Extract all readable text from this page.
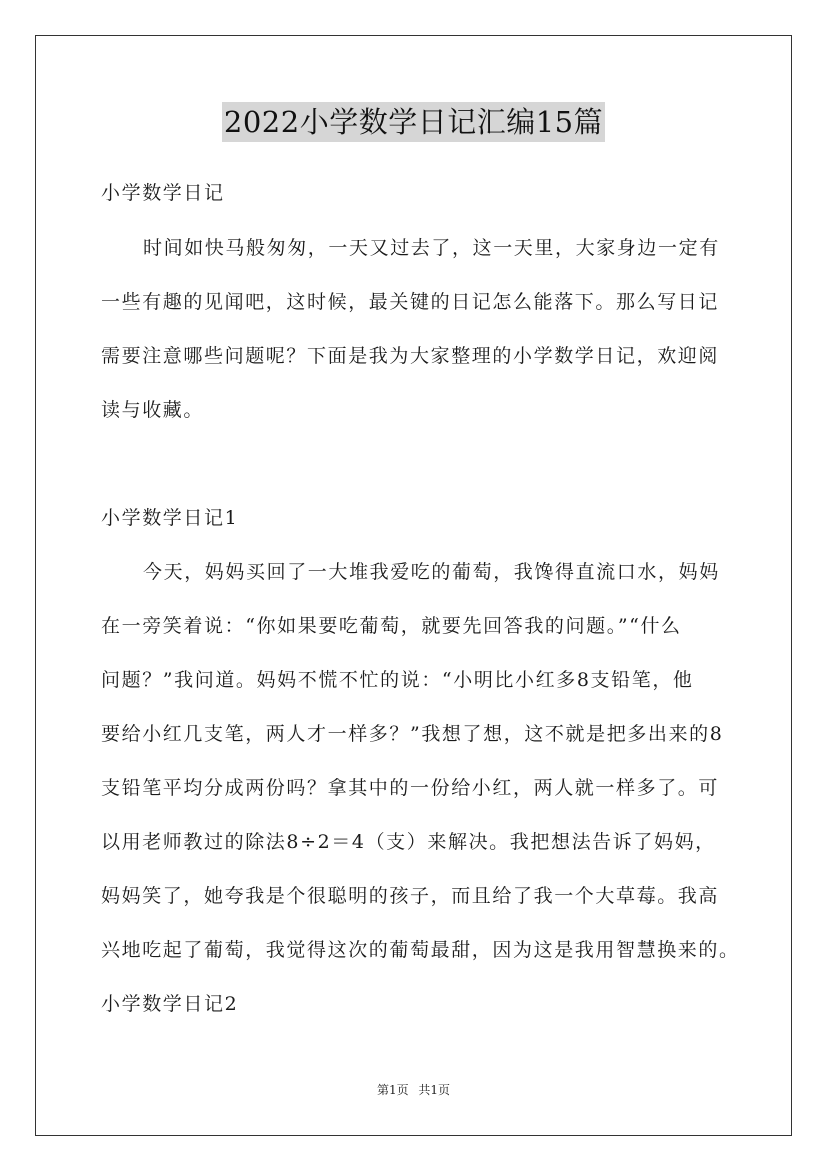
2022小学数学日记汇编15篇
小学数学日记
时间如快马般匆匆，一天又过去了，这一天里，大家身边一定有
一些有趣的见闻吧，这时候，最关键的日记怎么能落下。那么写日记
需要注意哪些问题呢？下面是我为大家整理的小学数学日记，欢迎阅
读与收藏。
小学数学日记1
今天，妈妈买回了一大堆我爱吃的葡萄，我馋得直流口水，妈妈
在一旁笑着说：“你如果要吃葡萄，就要先回答我的问题。”“什么
问题？”我问道。妈妈不慌不忙的说：“小明比小红多8支铅笔，他
要给小红几支笔，两人才一样多？”我想了想，这不就是把多出来的8
支铅笔平均分成两份吗？拿其中的一份给小红，两人就一样多了。可
以用老师教过的除法8÷2＝4（支）来解决。我把想法告诉了妈妈，
妈妈笑了，她夸我是个很聪明的孩子，而且给了我一个大草莓。我高
兴地吃起了葡萄，我觉得这次的葡萄最甜，因为这是我用智慧换来的。
小学数学日记2
第1页 共1页
